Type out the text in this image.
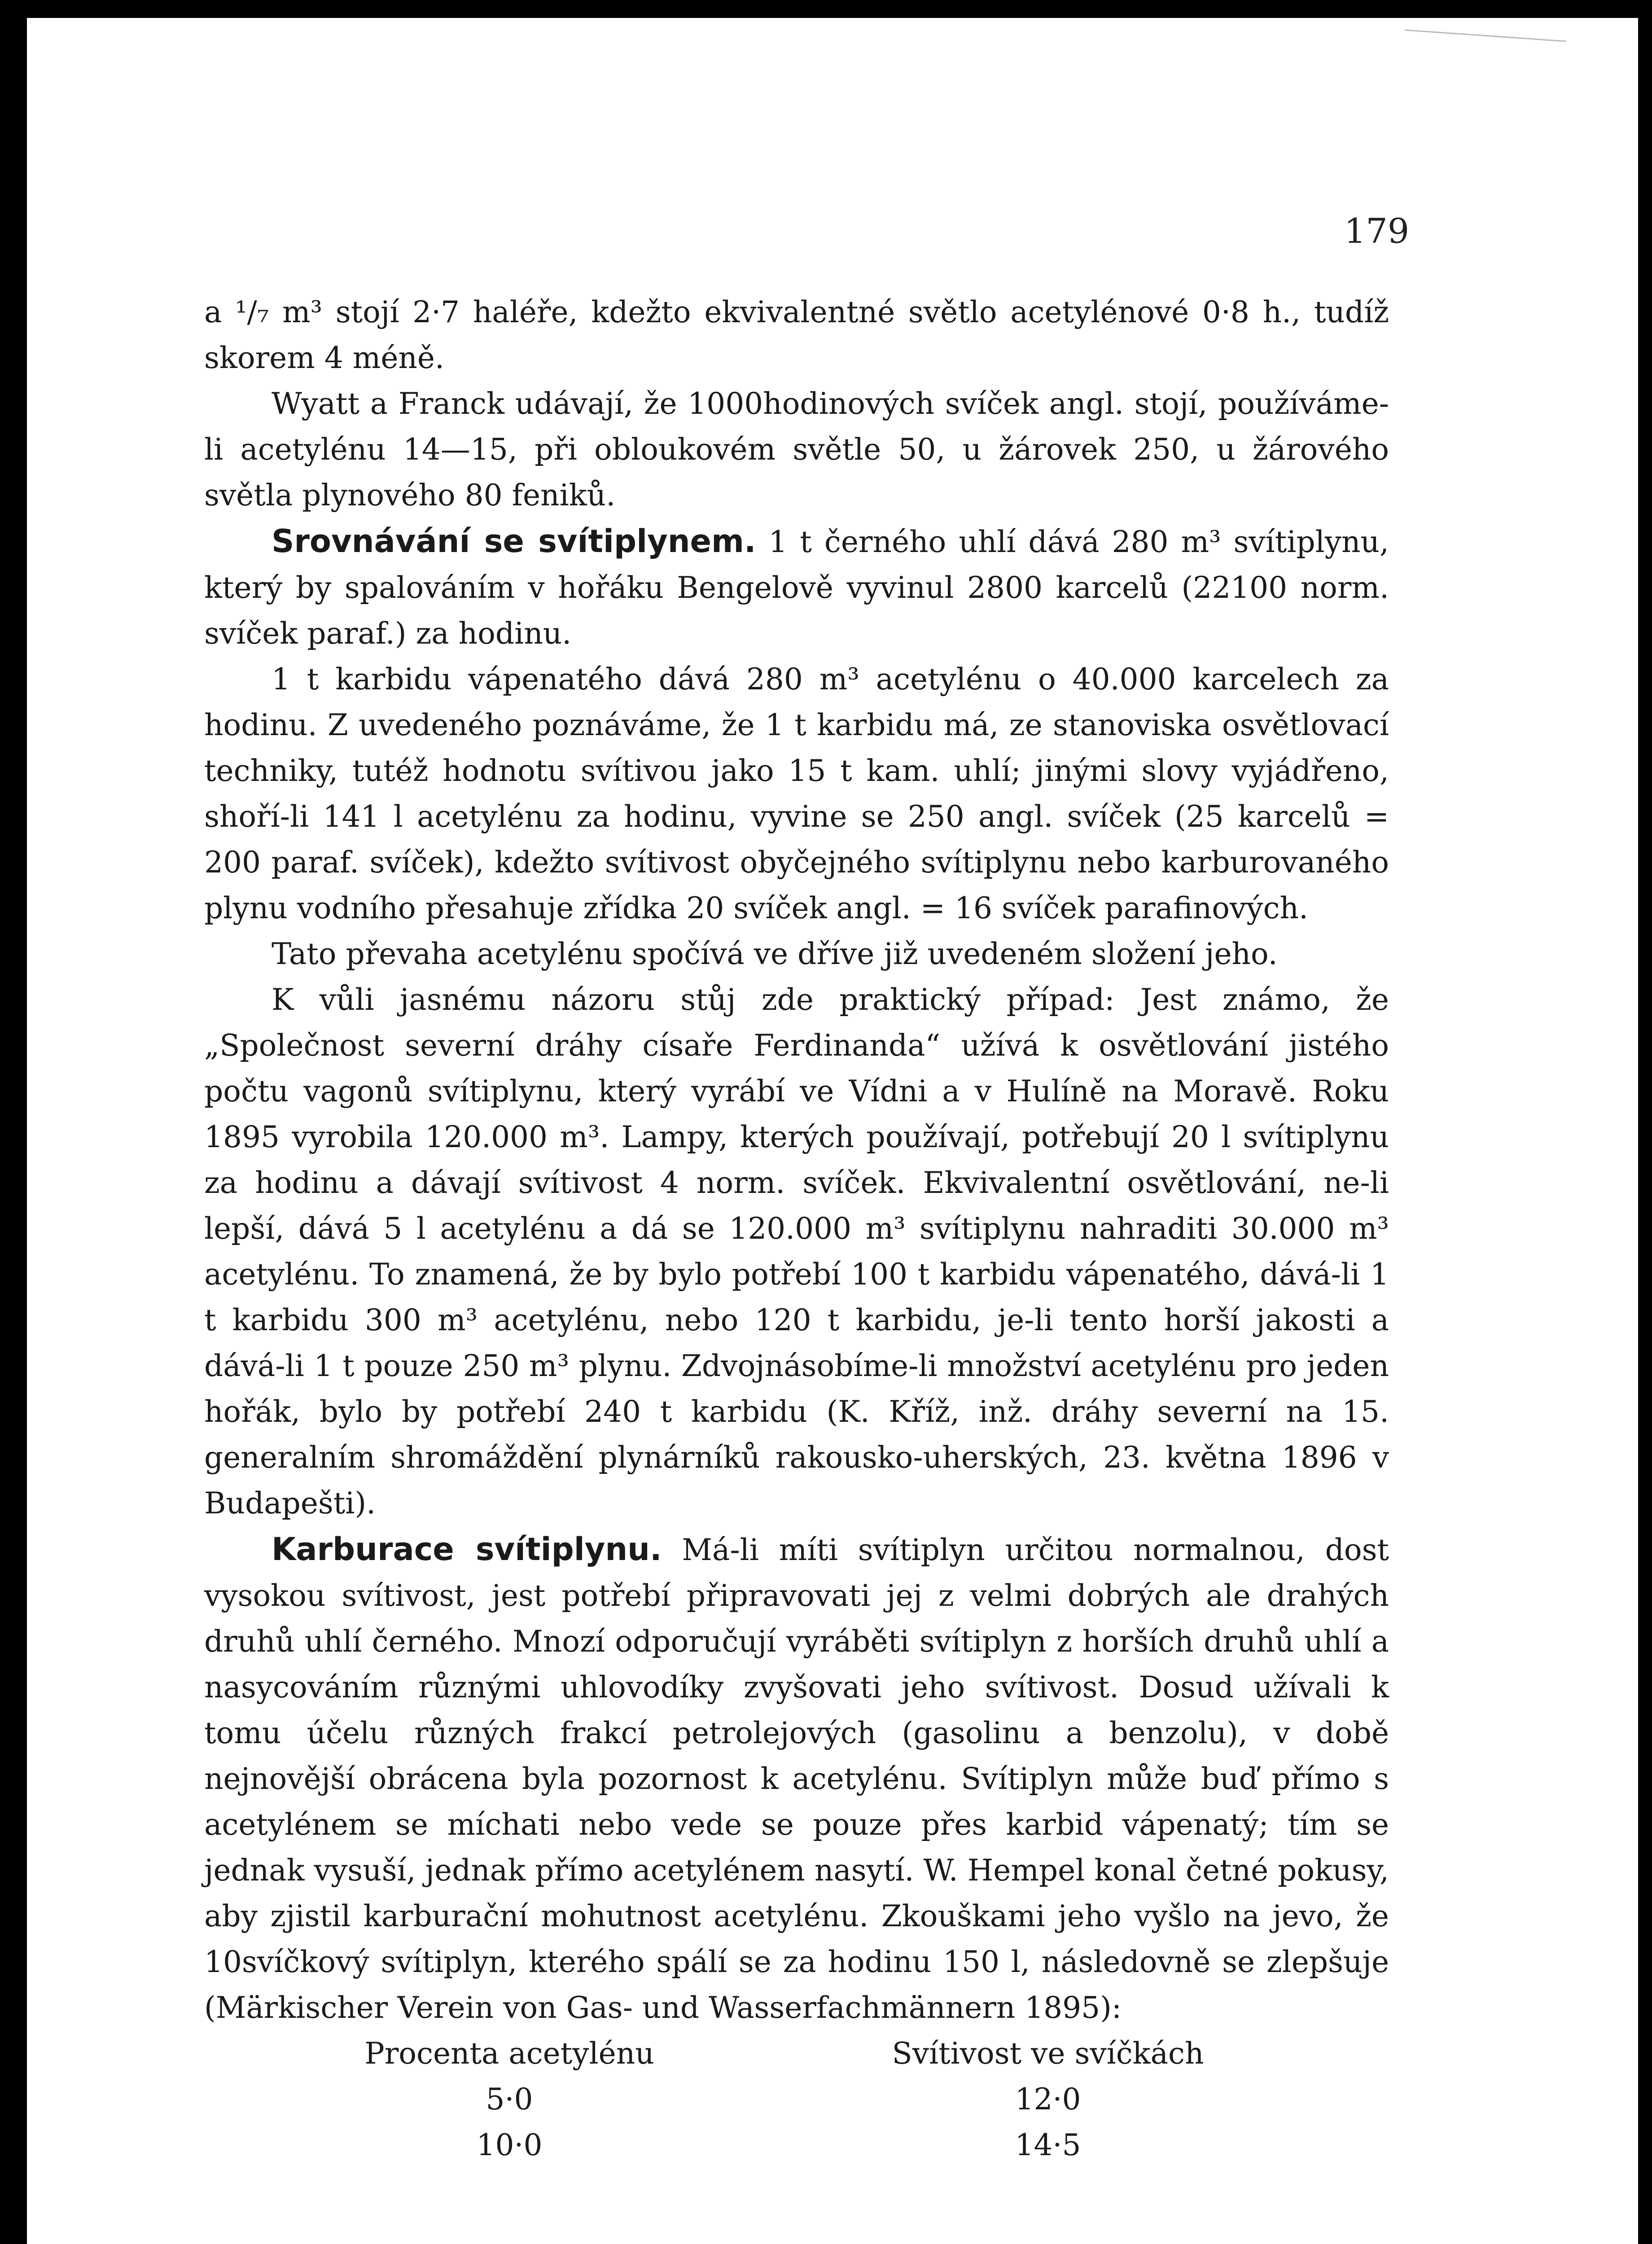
179

a ¹/₇ m³ stojí 2·7 haléře, kdežto ekvivalentné světlo acetylénové 0·8 h., tudíž skorem 4 méně.

Wyatt a Franck udávají, že 1000hodinových svíček angl. stojí, používáme-li acetylénu 14—15, při obloukovém světle 50, u žárovek 250, u žárového světla plynového 80 feniků.

Srovnávání se svítiplynem. 1 t černého uhlí dává 280 m³ svítiplynu, který by spalováním v hořáku Bengelově vyvinul 2800 karcelů (22100 norm. svíček paraf.) za hodinu.

1 t karbidu vápenatého dává 280 m³ acetylénu o 40.000 karcelech za hodinu. Z uvedeného poznáváme, že 1 t karbidu má, ze stanoviska osvětlovací techniky, tutéž hodnotu svítivou jako 15 t kam. uhlí; jinými slovy vyjádřeno, shoří-li 141 l acetylénu za hodinu, vyvine se 250 angl. svíček (25 karcelů = 200 paraf. svíček), kdežto svítivost obyčejného svítiplynu nebo karburovaného plynu vodního přesahuje zřídka 20 svíček angl. = 16 svíček parafinových.

Tato převaha acetylénu spočívá ve dříve již uvedeném složení jeho.

K vůli jasnému názoru stůj zde praktický případ: Jest známo, že „Společnost severní dráhy císaře Ferdinanda“ užívá k osvětlování jistého počtu vagonů svítiplynu, který vyrábí ve Vídni a v Hulíně na Moravě. Roku 1895 vyrobila 120.000 m³. Lampy, kterých používají, potřebují 20 l svítiplynu za hodinu a dávají svítivost 4 norm. svíček. Ekvivalentní osvětlování, ne-li lepší, dává 5 l acetylénu a dá se 120.000 m³ svítiplynu nahraditi 30.000 m³ acetylénu. To znamená, že by bylo potřebí 100 t karbidu vápenatého, dává-li 1 t karbidu 300 m³ acetylénu, nebo 120 t karbidu, je-li tento horší jakosti a dává-li 1 t pouze 250 m³ plynu. Zdvojnásobíme-li množství acetylénu pro jeden hořák, bylo by potřebí 240 t karbidu (K. Kříž, inž. dráhy severní na 15. generalním shromáždění plynárníků rakousko-uherských, 23. května 1896 v Budapešti).

Karburace svítiplynu. Má-li míti svítiplyn určitou normalnou, dost vysokou svítivost, jest potřebí připravovati jej z velmi dobrých ale drahých druhů uhlí černého. Mnozí odporučují vyráběti svítiplyn z horších druhů uhlí a nasycováním různými uhlovodíky zvyšovati jeho svítivost. Dosud užívali k tomu účelu různých frakcí petrolejových (gasolinu a benzolu), v době nejnovější obrácena byla pozornost k acetylénu. Svítiplyn může buď přímo s acetylénem se míchati nebo vede se pouze přes karbid vápenatý; tím se jednak vysuší, jednak přímo acetylénem nasytí. W. Hempel konal četné pokusy, aby zjistil karburační mohutnost acetylénu. Zkouškami jeho vyšlo na jevo, že 10svíčkový svítiplyn, kterého spálí se za hodinu 150 l, následovně se zlepšuje (Märkischer Verein von Gas- und Wasserfachmännern 1895):

Procenta acetylénu	Svítivost ve svíčkách
5·0	12·0
10·0	14·5
